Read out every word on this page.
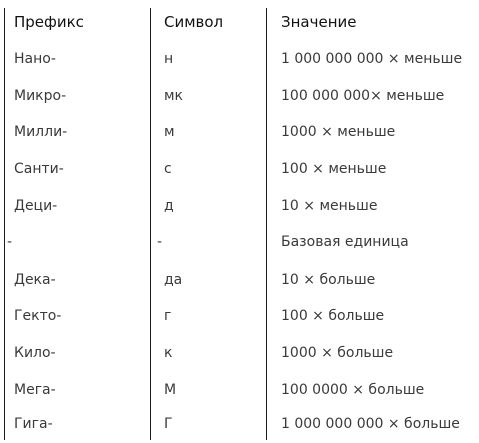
Префикс	Символ	Значение
Нано-	н	1 000 000 000 × меньше
Микро-	мк	100 000 000× меньше
Милли-	м	1000 × меньше
Санти-	с	100 × меньше
Деци-	д	10 × меньше
-	-	Базовая единица
Дека-	да	10 × больше
Гекто-	г	100 × больше
Кило-	к	1000 × больше
Мега-	М	100 0000 × больше
Гига-	Г	1 000 000 000 × больше
